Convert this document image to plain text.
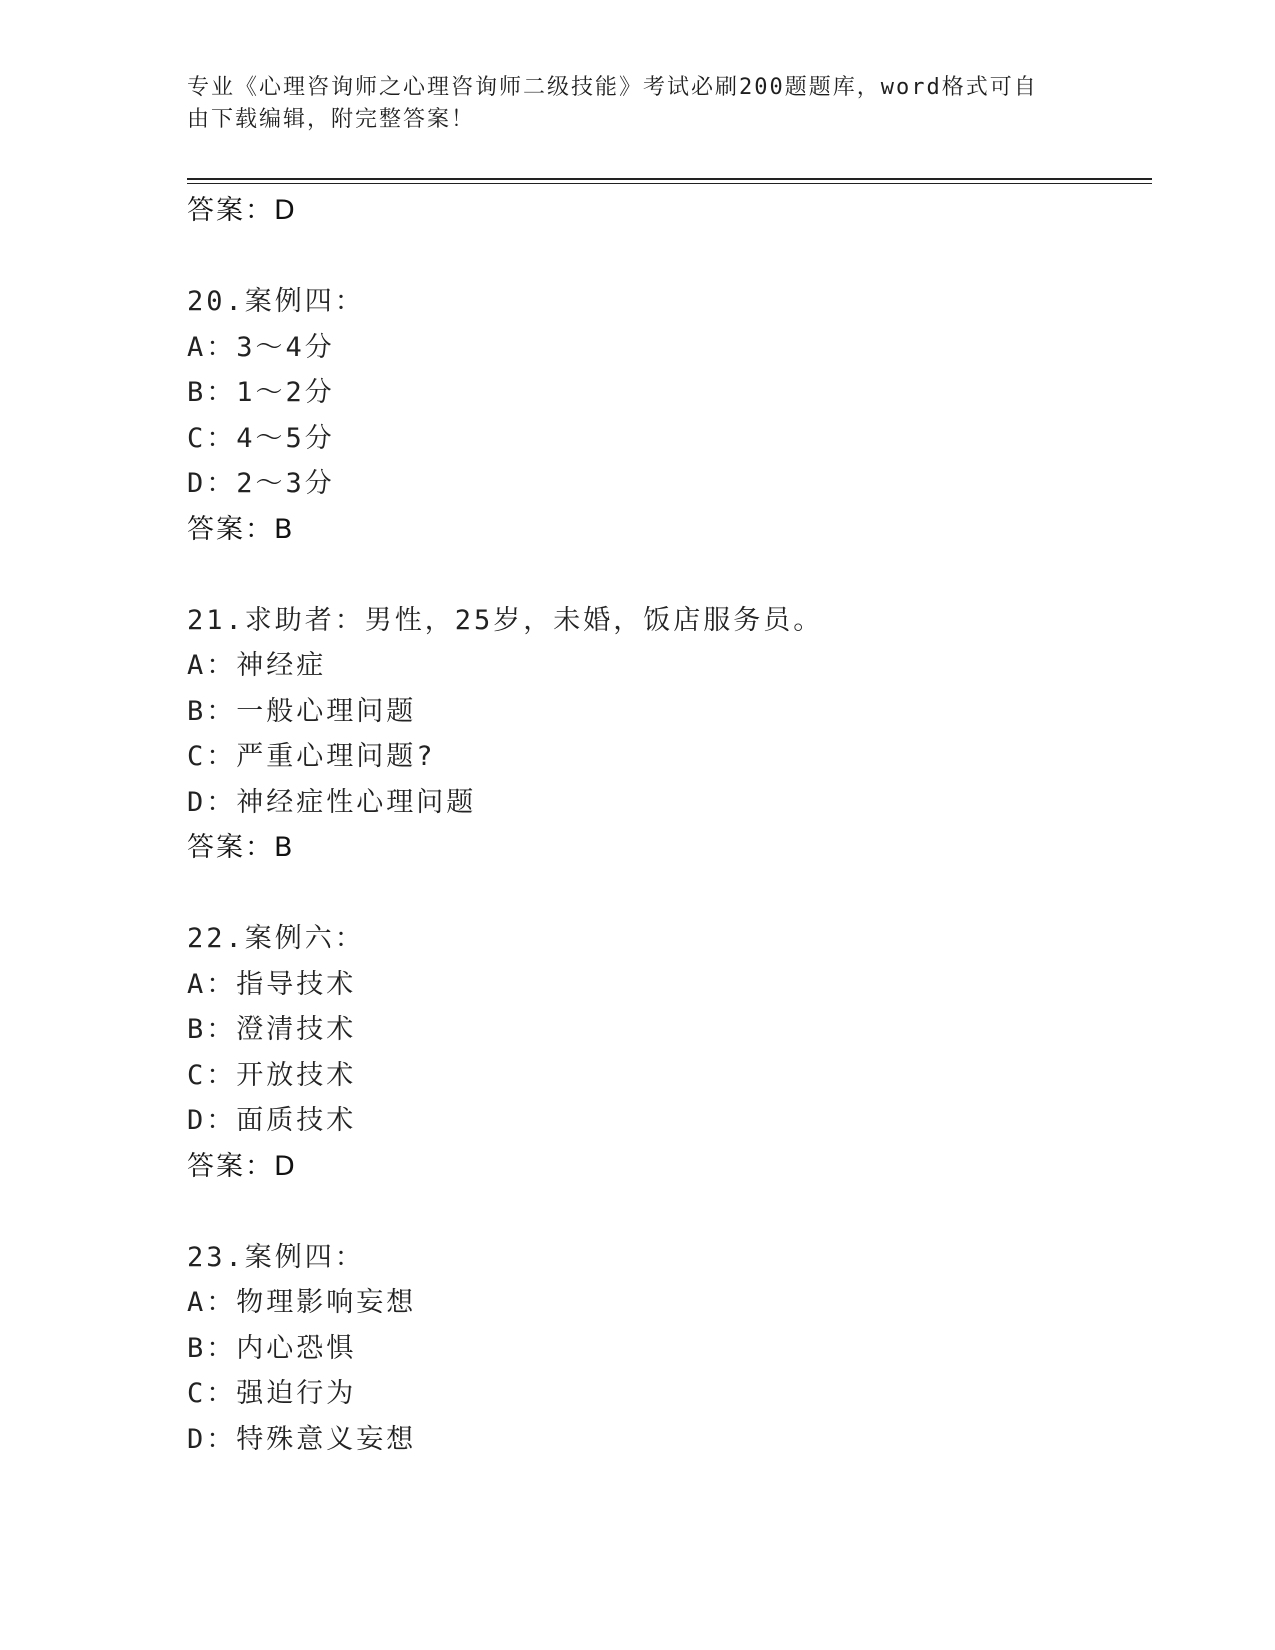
专业《心理咨询师之心理咨询师二级技能》考试必刷200题题库，word格式可自
由下载编辑，附完整答案！
答案：D
20.案例四：
A：3～4分
B：1～2分
C：4～5分
D：2～3分
答案：B
21.求助者：男性，25岁，未婚，饭店服务员。
A：神经症
B：一般心理问题
C：严重心理问题?
D：神经症性心理问题
答案：B
22.案例六：
A：指导技术
B：澄清技术
C：开放技术
D：面质技术
答案：D
23.案例四：
A：物理影响妄想
B：内心恐惧
C：强迫行为
D：特殊意义妄想
